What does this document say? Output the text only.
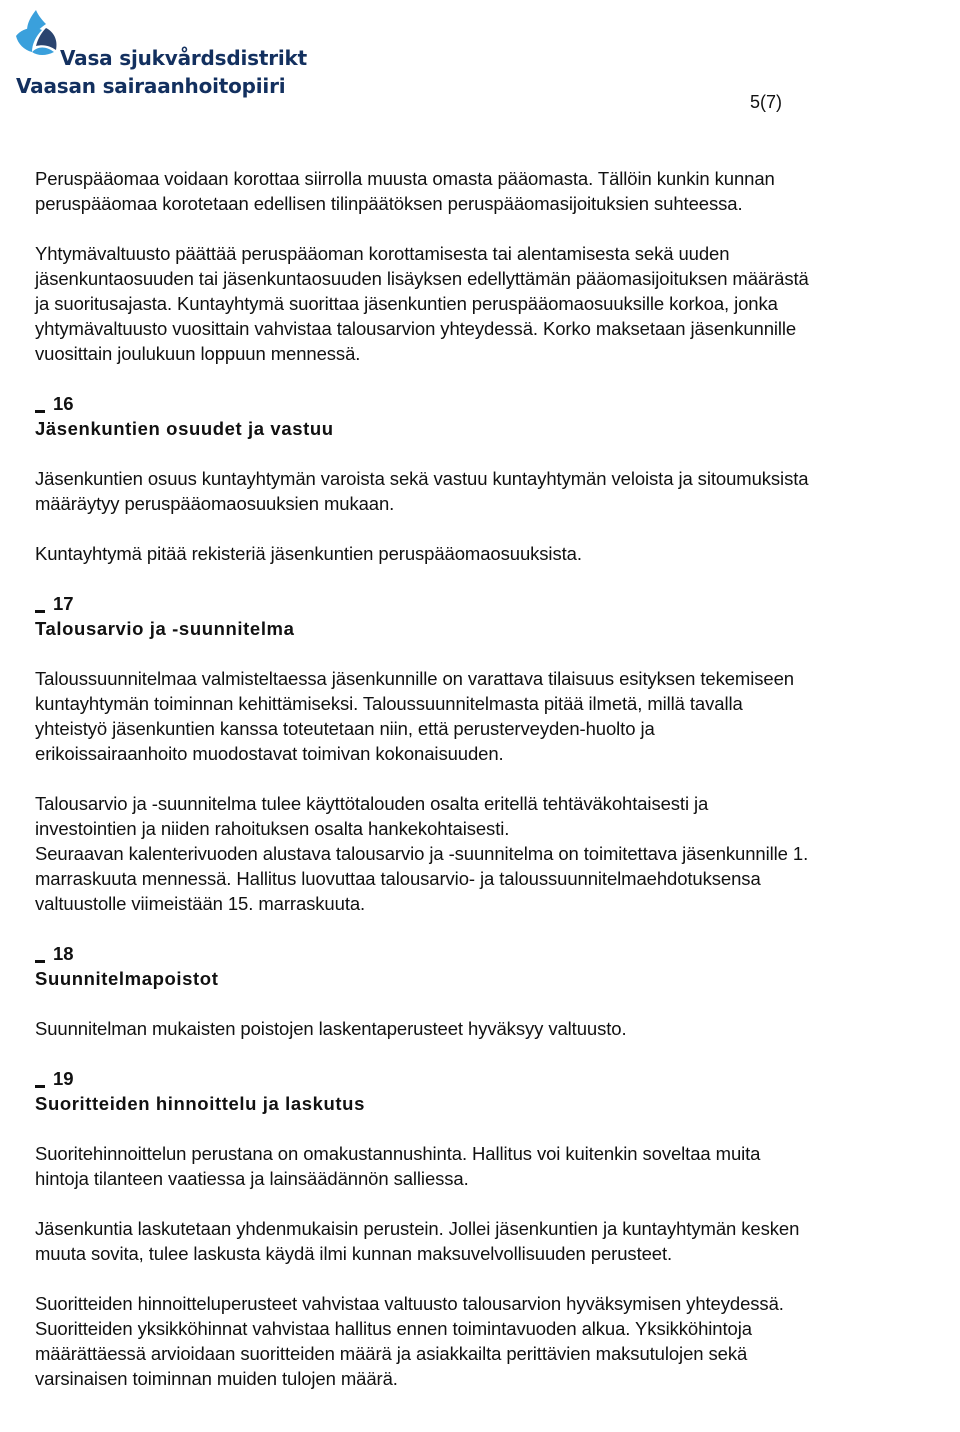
Vasa sjukvårdsdistrikt
Vaasan sairaanhoitopiiri
5(7)

Peruspääomaa voidaan korottaa siirrolla muusta omasta pääomasta. Tällöin kunkin kunnan
peruspääomaa korotetaan edellisen tilinpäätöksen peruspääomasijoituksien suhteessa.

Yhtymävaltuusto päättää peruspääoman korottamisesta tai alentamisesta sekä uuden
jäsenkuntaosuuden tai jäsenkuntaosuuden lisäyksen edellyttämän pääomasijoituksen määrästä
ja suoritusajasta. Kuntayhtymä suorittaa jäsenkuntien peruspääomaosuuksille korkoa, jonka
yhtymävaltuusto vuosittain vahvistaa talousarvion yhteydessä. Korko maksetaan jäsenkunnille
vuosittain joulukuun loppuun mennessä.

16

Jäsenkuntien osuudet ja vastuu

Jäsenkuntien osuus kuntayhtymän varoista sekä vastuu kuntayhtymän veloista ja sitoumuksista
määräytyy peruspääomaosuuksien mukaan.

Kuntayhtymä pitää rekisteriä jäsenkuntien peruspääomaosuuksista.

17

Talousarvio ja -suunnitelma

Taloussuunnitelmaa valmisteltaessa jäsenkunnille on varattava tilaisuus esityksen tekemiseen
kuntayhtymän toiminnan kehittämiseksi. Taloussuunnitelmasta pitää ilmetä, millä tavalla
yhteistyö jäsenkuntien kanssa toteutetaan niin, että perusterveyden-huolto ja
erikoissairaanhoito muodostavat toimivan kokonaisuuden.

Talousarvio ja -suunnitelma tulee käyttötalouden osalta eritellä tehtäväkohtaisesti ja
investointien ja niiden rahoituksen osalta hankekohtaisesti.
Seuraavan kalenterivuoden alustava talousarvio ja -suunnitelma on toimitettava jäsenkunnille 1.
marraskuuta mennessä. Hallitus luovuttaa talousarvio- ja taloussuunnitelmaehdotuksensa
valtuustolle viimeistään 15. marraskuuta.

18

Suunnitelmapoistot

Suunnitelman mukaisten poistojen laskentaperusteet hyväksyy valtuusto.

19

Suoritteiden hinnoittelu ja laskutus

Suoritehinnoittelun perustana on omakustannushinta. Hallitus voi kuitenkin soveltaa muita
hintoja tilanteen vaatiessa ja lainsäädännön salliessa.

Jäsenkuntia laskutetaan yhdenmukaisin perustein. Jollei jäsenkuntien ja kuntayhtymän kesken
muuta sovita, tulee laskusta käydä ilmi kunnan maksuvelvollisuuden perusteet.

Suoritteiden hinnoitteluperusteet vahvistaa valtuusto talousarvion hyväksymisen yhteydessä.
Suoritteiden yksikköhinnat vahvistaa hallitus ennen toimintavuoden alkua. Yksikköhintoja
määrättäessä arvioidaan suoritteiden määrä ja asiakkailta perittävien maksutulojen sekä
varsinaisen toiminnan muiden tulojen määrä.
